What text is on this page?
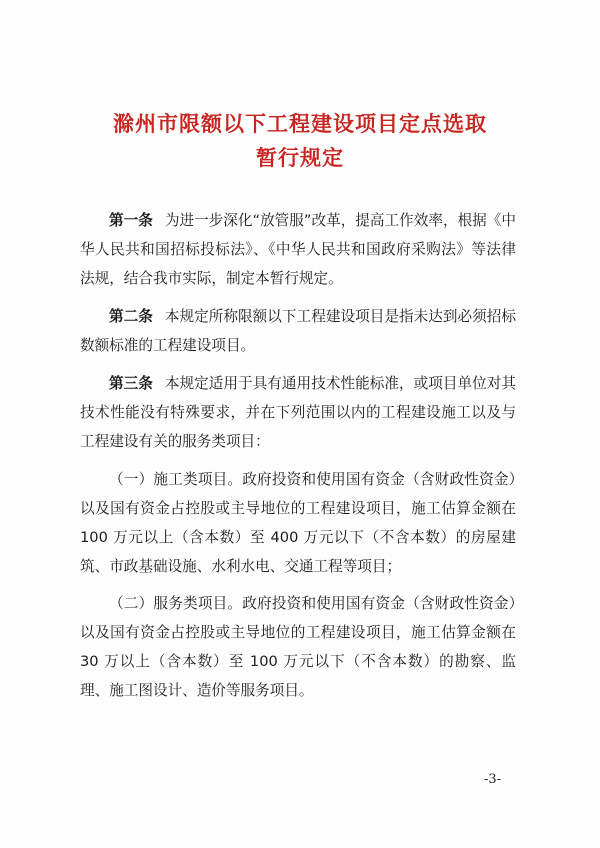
滁州市限额以下工程建设项目定点选取
暂行规定

第一条 为进一步深化“放管服”改革，提高工作效率，根据《中华人民共和国招标投标法》、《中华人民共和国政府采购法》等法律法规，结合我市实际，制定本暂行规定。

第二条 本规定所称限额以下工程建设项目是指未达到必须招标数额标准的工程建设项目。

第三条 本规定适用于具有通用技术性能标准，或项目单位对其技术性能没有特殊要求，并在下列范围以内的工程建设施工以及与工程建设有关的服务类项目：

（一）施工类项目。政府投资和使用国有资金（含财政性资金）以及国有资金占控股或主导地位的工程建设项目，施工估算金额在 100 万元以上（含本数）至 400 万元以下（不含本数）的房屋建筑、市政基础设施、水利水电、交通工程等项目；

（二）服务类项目。政府投资和使用国有资金（含财政性资金）以及国有资金占控股或主导地位的工程建设项目，施工估算金额在 30 万以上（含本数）至 100 万元以下（不含本数）的勘察、监理、施工图设计、造价等服务项目。

-3-
